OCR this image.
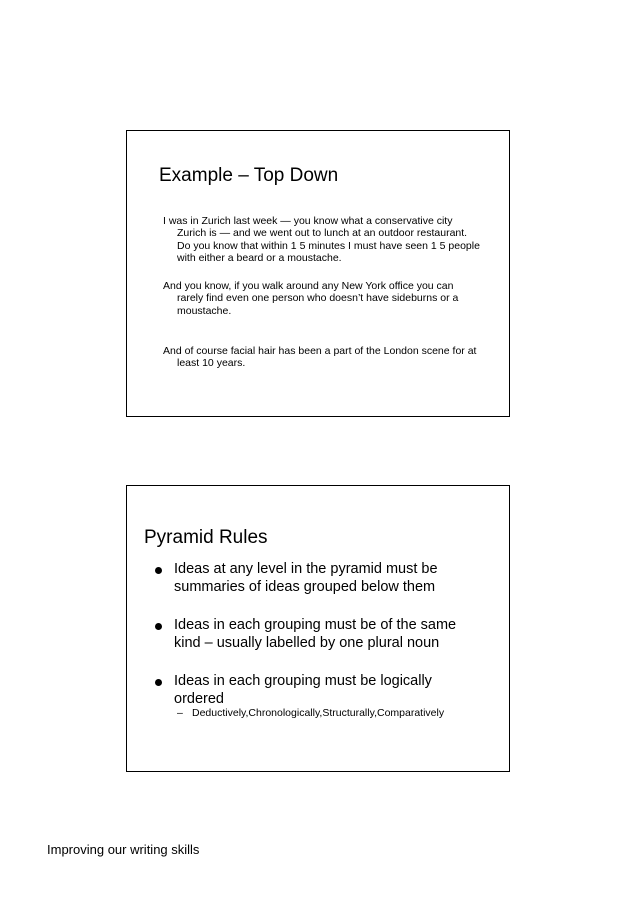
Example – Top Down

I was in Zurich last week — you know what a conservative city
Zurich is — and we went out to lunch at an outdoor restaurant.
Do you know that within 1 5 minutes I must have seen 1 5 people
with either a beard or a moustache.

And you know, if you walk around any New York office you can
rarely find even one person who doesn’t have sideburns or a
moustache.

And of course facial hair has been a part of the London scene for at
least 10 years.

Pyramid Rules
Ideas at any level in the pyramid must be
summaries of ideas grouped below them
Ideas in each grouping must be of the same
kind – usually labelled by one plural noun
Ideas in each grouping must be logically
ordered
– Deductively,Chronologically,Structurally,Comparatively
Improving our writing skills
